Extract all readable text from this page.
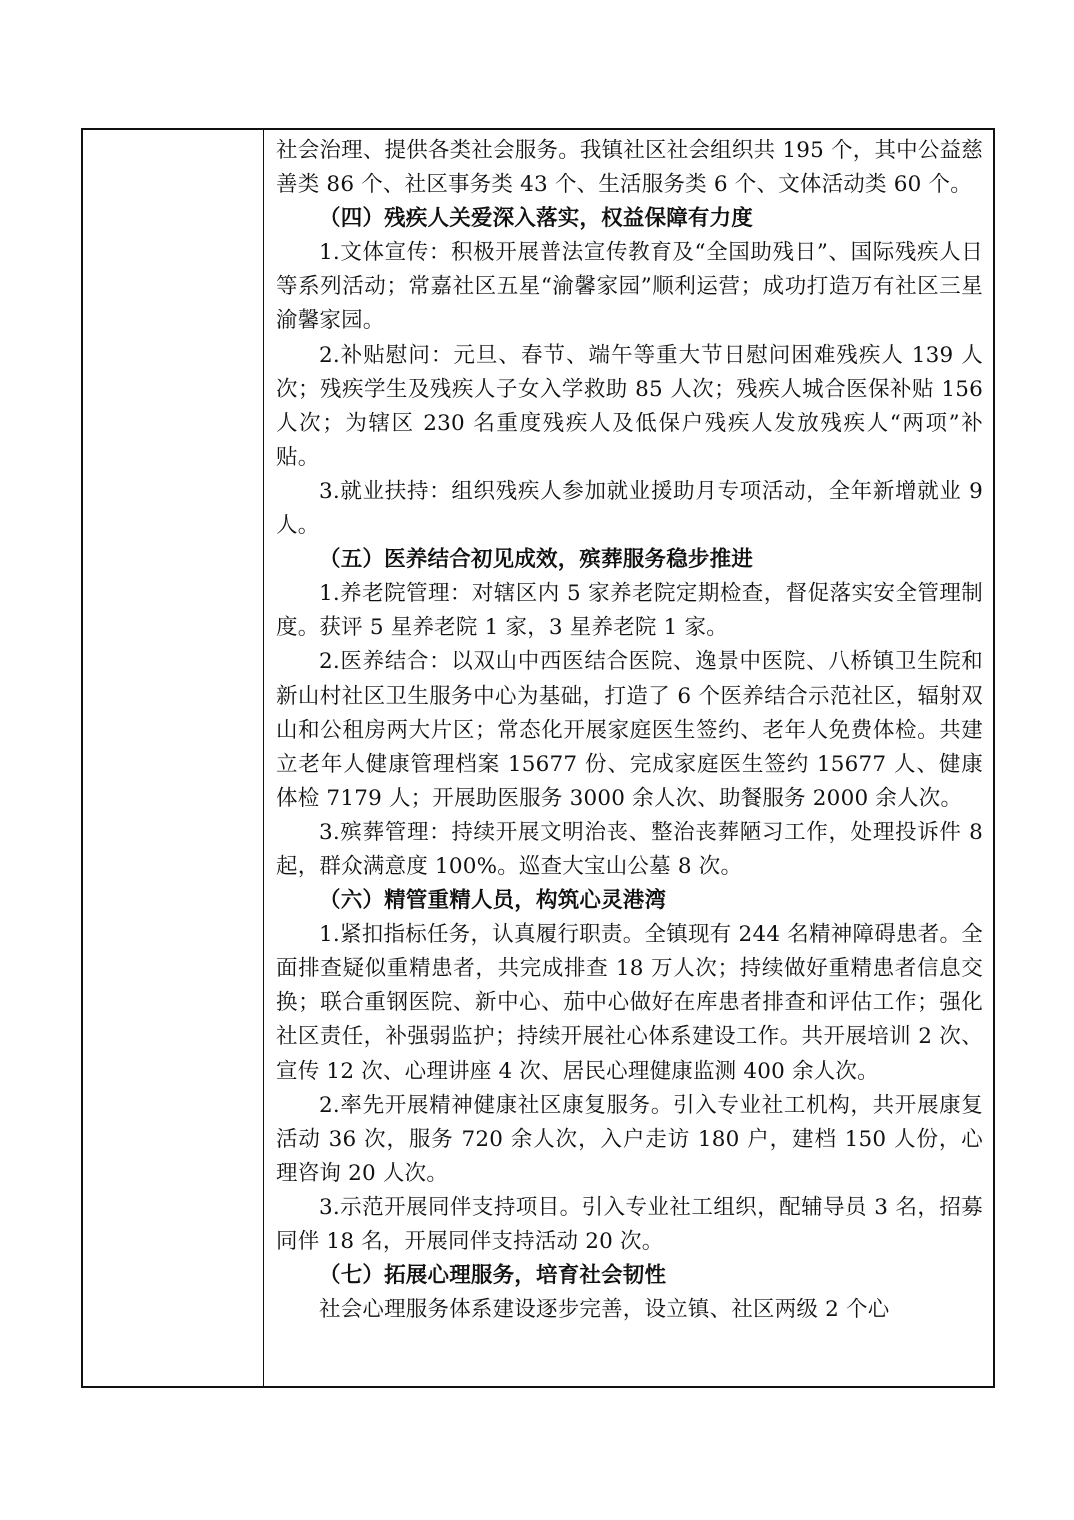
社会治理、提供各类社会服务。我镇社区社会组织共 195 个，其中公益慈善类 86 个、社区事务类 43 个、生活服务类 6 个、文体活动类 60 个。

（四）残疾人关爱深入落实，权益保障有力度

1.文体宣传：积极开展普法宣传教育及“全国助残日”、国际残疾人日等系列活动；常嘉社区五星“渝馨家园”顺利运营；成功打造万有社区三星渝馨家园。

2.补贴慰问：元旦、春节、端午等重大节日慰问困难残疾人 139 人次；残疾学生及残疾人子女入学救助 85 人次；残疾人城合医保补贴 156 人次；为辖区 230 名重度残疾人及低保户残疾人发放残疾人“两项”补贴。

3.就业扶持：组织残疾人参加就业援助月专项活动，全年新增就业 9 人。

（五）医养结合初见成效，殡葬服务稳步推进

1.养老院管理：对辖区内 5 家养老院定期检查，督促落实安全管理制度。获评 5 星养老院 1 家，3 星养老院 1 家。

2.医养结合：以双山中西医结合医院、逸景中医院、八桥镇卫生院和新山村社区卫生服务中心为基础，打造了 6 个医养结合示范社区，辐射双山和公租房两大片区；常态化开展家庭医生签约、老年人免费体检。共建立老年人健康管理档案 15677 份、完成家庭医生签约 15677 人、健康体检 7179 人；开展助医服务 3000 余人次、助餐服务 2000 余人次。

3.殡葬管理：持续开展文明治丧、整治丧葬陋习工作，处理投诉件 8 起，群众满意度 100%。巡查大宝山公墓 8 次。

（六）精管重精人员，构筑心灵港湾

1.紧扣指标任务，认真履行职责。全镇现有 244 名精神障碍患者。全面排查疑似重精患者，共完成排查 18 万人次；持续做好重精患者信息交换；联合重钢医院、新中心、茄中心做好在库患者排查和评估工作；强化社区责任，补强弱监护；持续开展社心体系建设工作。共开展培训 2 次、宣传 12 次、心理讲座 4 次、居民心理健康监测 400 余人次。

2.率先开展精神健康社区康复服务。引入专业社工机构，共开展康复活动 36 次，服务 720 余人次，入户走访 180 户，建档 150 人份，心理咨询 20 人次。

3.示范开展同伴支持项目。引入专业社工组织，配辅导员 3 名，招募同伴 18 名，开展同伴支持活动 20 次。

（七）拓展心理服务，培育社会韧性

社会心理服务体系建设逐步完善，设立镇、社区两级 2 个心
